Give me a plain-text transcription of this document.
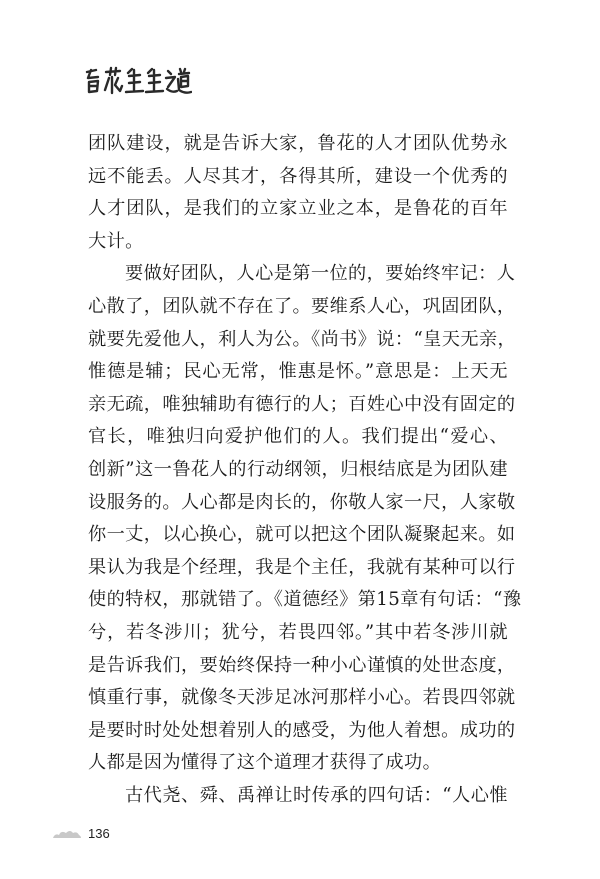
团队建设，就是告诉大家，鲁花的人才团队优势永
远不能丢。人尽其才，各得其所，建设一个优秀的
人才团队，是我们的立家立业之本，是鲁花的百年
大计。
要做好团队，人心是第一位的，要始终牢记：人
心散了，团队就不存在了。要维系人心，巩固团队，
就要先爱他人，利人为公。《尚书》说：“皇天无亲，
惟德是辅；民心无常，惟惠是怀。”意思是：上天无
亲无疏，唯独辅助有德行的人；百姓心中没有固定的
官长，唯独归向爱护他们的人。我们提出“爱心、
创新”这一鲁花人的行动纲领，归根结底是为团队建
设服务的。人心都是肉长的，你敬人家一尺，人家敬
你一丈，以心换心，就可以把这个团队凝聚起来。如
果认为我是个经理，我是个主任，我就有某种可以行
使的特权，那就错了。《道德经》第15章有句话：“豫
兮，若冬涉川；犹兮，若畏四邻。”其中若冬涉川就
是告诉我们，要始终保持一种小心谨慎的处世态度，
慎重行事，就像冬天涉足冰河那样小心。若畏四邻就
是要时时处处想着别人的感受，为他人着想。成功的
人都是因为懂得了这个道理才获得了成功。
古代尧、舜、禹禅让时传承的四句话：“人心惟
136
